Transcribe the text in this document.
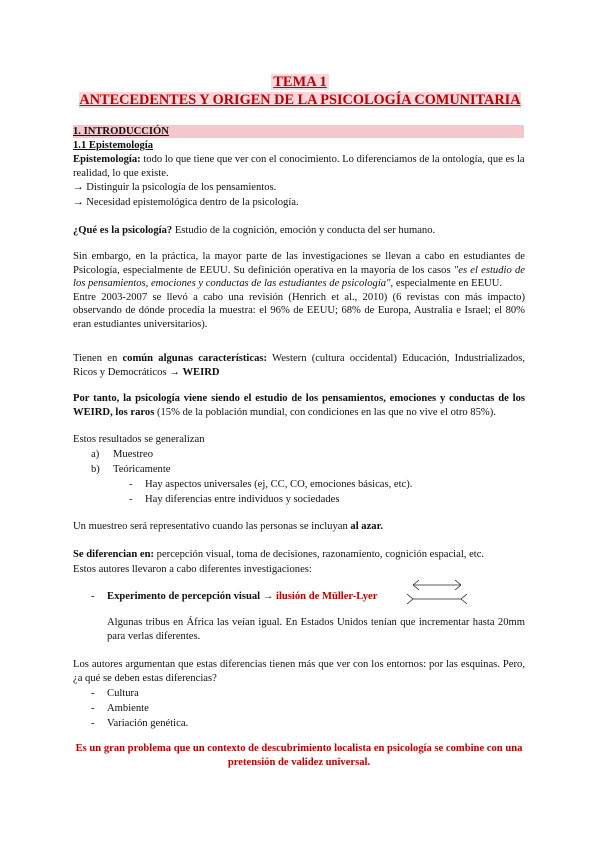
TEMA 1
ANTECEDENTES Y ORIGEN DE LA PSICOLOGÍA COMUNITARIA
1. INTRODUCCIÓN
1.1 Epistemología
Epistemología: todo lo que tiene que ver con el conocimiento. Lo diferenciamos de la ontología, que es la realidad, lo que existe.
→ Distinguir la psicología de los pensamientos.
→ Necesidad epistemológica dentro de la psicología.
¿Qué es la psicología? Estudio de la cognición, emoción y conducta del ser humano.
Sin embargo, en la práctica, la mayor parte de las investigaciones se llevan a cabo en estudiantes de Psicología, especialmente de EEUU. Su definición operativa en la mayoría de los casos "es el estudio de los pensamientos, emociones y conductas de las estudiantes de psicología", especialmente en EEUU.
Entre 2003-2007 se llevó a cabo una revisión (Henrich et al., 2010) (6 revistas con más impacto) observando de dónde procedía la muestra: el 96% de EEUU; 68% de Europa, Australia e Israel; el 80% eran estudiantes universitarios).
Tienen en común algunas características: Western (cultura occidental) Educación, Industrializados, Ricos y Democráticos → WEIRD
Por tanto, la psicología viene siendo el estudio de los pensamientos, emociones y conductas de los WEIRD, los raros (15% de la población mundial, con condiciones en las que no vive el otro 85%).
Estos resultados se generalizan
a) Muestreo
b) Teóricamente
- Hay aspectos universales (ej, CC, CO, emociones básicas, etc).
- Hay diferencias entre individuos y sociedades
Un muestreo será representativo cuando las personas se incluyan al azar.
Se diferencian en: percepción visual, toma de decisiones, razonamiento, cognición espacial, etc.
Estos autores llevaron a cabo diferentes investigaciones:
- Experimento de percepción visual → ilusión de Müller-Lyer
Algunas tribus en África las veían igual. En Estados Unidos tenían que incrementar hasta 20mm para verlas diferentes.
Los autores argumentan que estas diferencias tienen más que ver con los entornos: por las esquinas. Pero, ¿a qué se deben estas diferencias?
- Cultura
- Ambiente
- Variación genética.
Es un gran problema que un contexto de descubrimiento localista en psicología se combine con una pretensión de validez universal.
